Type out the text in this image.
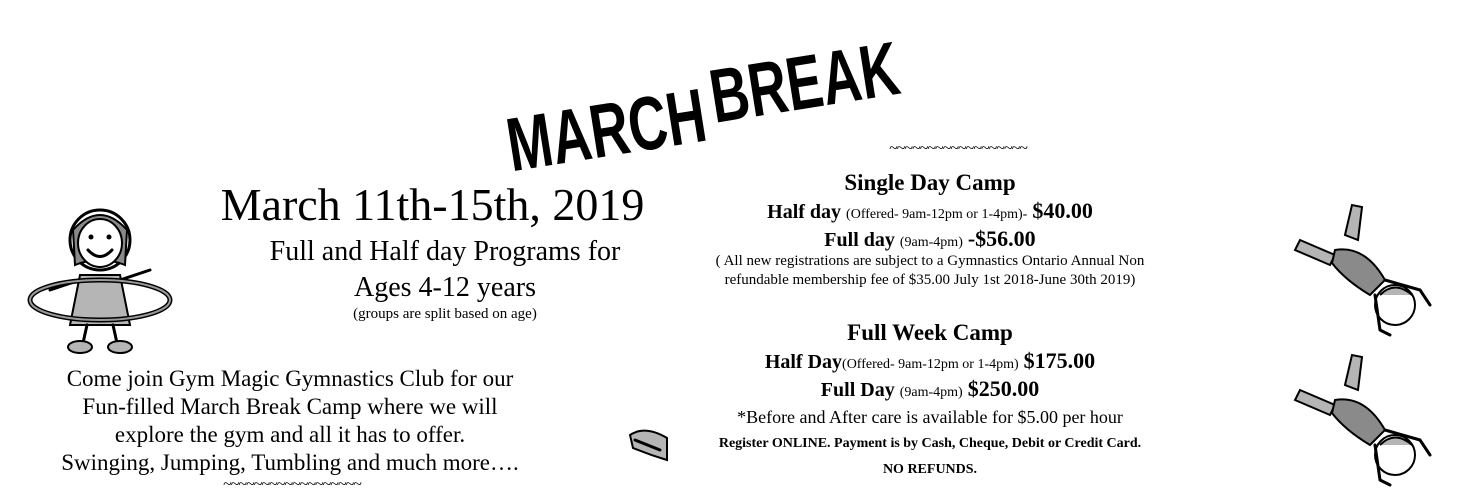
MARCH
BREAK
March 11th-15th, 2019
Full and Half day Programs for
Ages 4-12 years
(groups are split based on age)
Come join Gym Magic Gymnastics Club for our
Fun-filled March Break Camp where we will
explore the gym and all it has to offer.
Swinging, Jumping, Tumbling and much more….
~~~~~~~~~~~~~~~~~~
~~~~~~~~~~~~~~~~~~
Single Day Camp
Half day (Offered- 9am-12pm or 1-4pm)- $40.00
Full day (9am-4pm) -$56.00
( All new registrations are subject to a Gymnastics Ontario Annual Non
refundable membership fee of $35.00 July 1st 2018-June 30th 2019)
Full Week Camp
Half Day(Offered- 9am-12pm or 1-4pm) $175.00
Full Day (9am-4pm) $250.00
*Before and After care is available for $5.00 per hour
Register ONLINE. Payment is by Cash, Cheque, Debit or Credit Card.
NO REFUNDS.
